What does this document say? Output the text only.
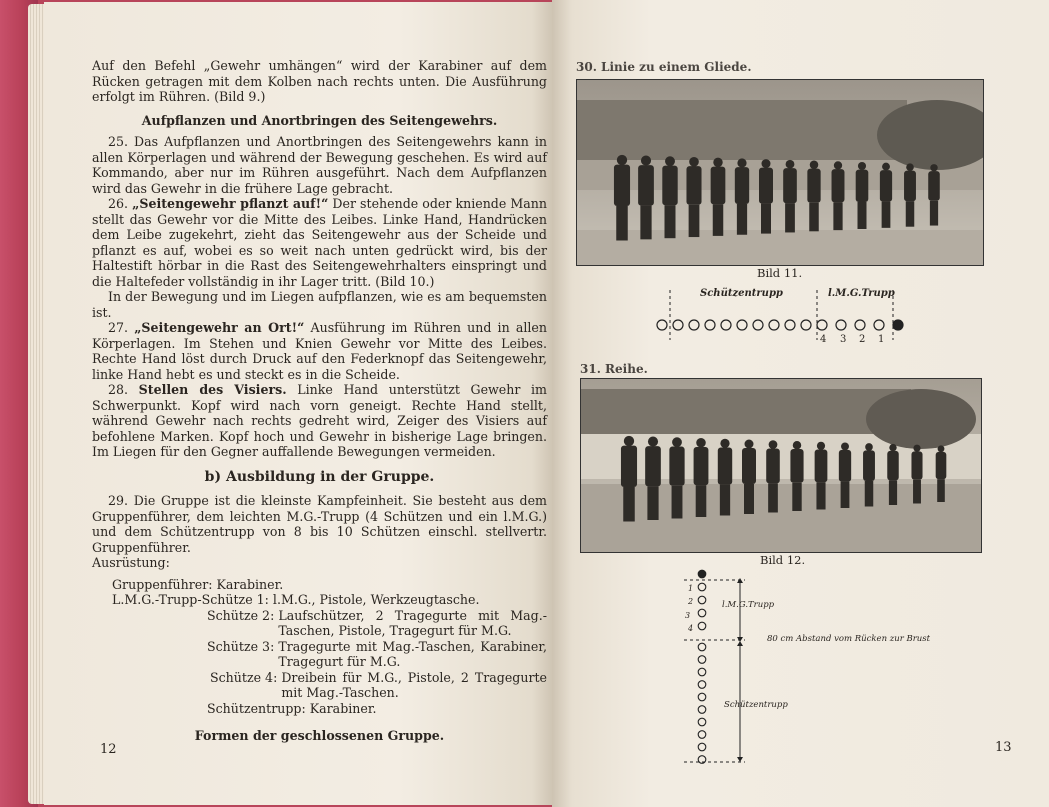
Auf den Befehl „Gewehr umhängen“ wird der Karabiner auf dem Rücken getragen mit dem Kolben nach rechts unten. Die Ausführung erfolgt im Rühren. (Bild 9.)

Aufpflanzen und Anortbringen des Seitengewehrs.

25. Das Aufpflanzen und Anortbringen des Seitengewehrs kann in allen Körperlagen und während der Bewegung geschehen. Es wird auf Kommando, aber nur im Rühren ausgeführt. Nach dem Aufpflanzen wird das Gewehr in die frühere Lage gebracht.

26. „Seitengewehr pflanzt auf!“ Der stehende oder kniende Mann stellt das Gewehr vor die Mitte des Leibes. Linke Hand, Handrücken dem Leibe zugekehrt, zieht das Seitengewehr aus der Scheide und pflanzt es auf, wobei es so weit nach unten gedrückt wird, bis der Haltestift hörbar in die Rast des Seitengewehrhalters einspringt und die Haltefeder vollständig in ihr Lager tritt. (Bild 10.)

In der Bewegung und im Liegen aufpflanzen, wie es am bequemsten ist.

27. „Seitengewehr an Ort!“ Ausführung im Rühren und in allen Körperlagen. Im Stehen und Knien Gewehr vor Mitte des Leibes. Rechte Hand löst durch Druck auf den Federknopf das Seitengewehr, linke Hand hebt es und steckt es in die Scheide.

28. Stellen des Visiers. Linke Hand unterstützt Gewehr im Schwerpunkt. Kopf wird nach vorn geneigt. Rechte Hand stellt, während Gewehr nach rechts gedreht wird, Zeiger des Visiers auf befohlene Marken. Kopf hoch und Gewehr in bisherige Lage bringen. Im Liegen für den Gegner auffallende Bewegungen vermeiden.

b) Ausbildung in der Gruppe.

29. Die Gruppe ist die kleinste Kampfeinheit. Sie besteht aus dem Gruppenführer, dem leichten M.G.-Trupp (4 Schützen und ein l.M.G.) und dem Schützentrupp von 8 bis 10 Schützen einschl. stellvertr. Gruppenführer.

Ausrüstung:

Gruppenführer:
Karabiner.
L.M.G.-Trupp-Schütze 1:
l.M.G., Pistole, Werkzeugtasche.
Schütze 2:
Laufschützer, 2 Tragegurte mit Mag.-Taschen, Pistole, Tragegurt für M.G.
Schütze 3:
Tragegurte mit Mag.-Taschen, Karabiner, Tragegurt für M.G.
Schütze 4:
Dreibein für M.G., Pistole, 2 Tragegurte mit Mag.-Taschen.
Schützentrupp:
Karabiner.

Formen der geschlossenen Gruppe.

12
30. Linie zu einem Gliede.
Bild 11.
Schützentrupp	l.M.G.Trupp
4 3 2 1
31. Reihe.
Bild 12.
1
2
3
4
l.M.G.Trupp
80 cm Abstand vom Rücken zur Brust
Schützentrupp
13
